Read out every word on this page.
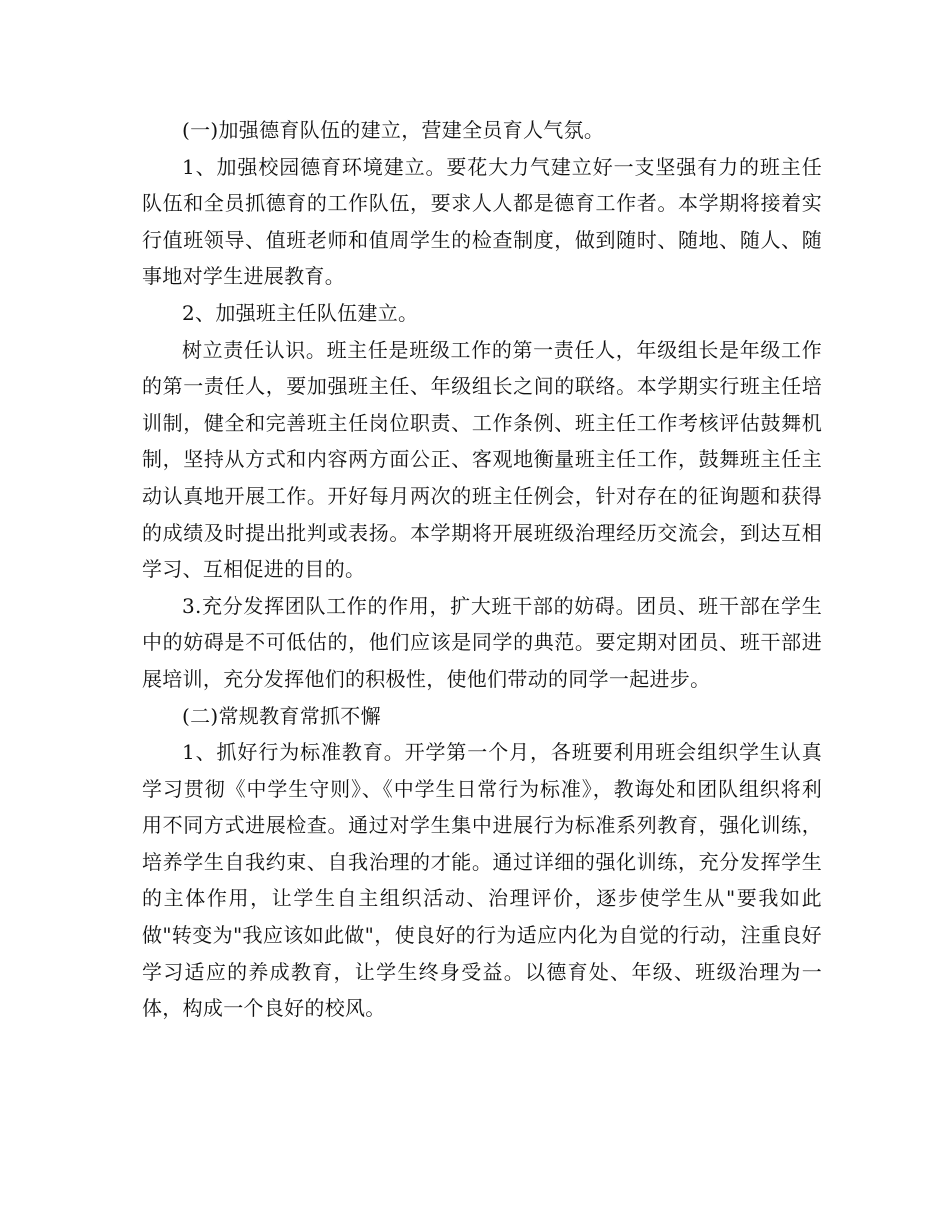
(一)加强德育队伍的建立，营建全员育人气氛。

1、加强校园德育环境建立。要花大力气建立好一支坚强有力的班主任队伍和全员抓德育的工作队伍，要求人人都是德育工作者。本学期将接着实行值班领导、值班老师和值周学生的检查制度，做到随时、随地、随人、随事地对学生进展教育。

2、加强班主任队伍建立。

树立责任认识。班主任是班级工作的第一责任人，年级组长是年级工作的第一责任人，要加强班主任、年级组长之间的联络。本学期实行班主任培训制，健全和完善班主任岗位职责、工作条例、班主任工作考核评估鼓舞机制，坚持从方式和内容两方面公正、客观地衡量班主任工作，鼓舞班主任主动认真地开展工作。开好每月两次的班主任例会，针对存在的征询题和获得的成绩及时提出批判或表扬。本学期将开展班级治理经历交流会，到达互相学习、互相促进的目的。

3.充分发挥团队工作的作用，扩大班干部的妨碍。团员、班干部在学生中的妨碍是不可低估的，他们应该是同学的典范。要定期对团员、班干部进展培训，充分发挥他们的积极性，使他们带动的同学一起进步。

(二)常规教育常抓不懈

1、抓好行为标准教育。开学第一个月，各班要利用班会组织学生认真学习贯彻《中学生守则》、《中学生日常行为标准》，教诲处和团队组织将利用不同方式进展检查。通过对学生集中进展行为标准系列教育，强化训练，培养学生自我约束、自我治理的才能。通过详细的强化训练，充分发挥学生的主体作用，让学生自主组织活动、治理评价，逐步使学生从"要我如此做"转变为"我应该如此做"，使良好的行为适应内化为自觉的行动，注重良好学习适应的养成教育，让学生终身受益。以德育处、年级、班级治理为一体，构成一个良好的校风。
